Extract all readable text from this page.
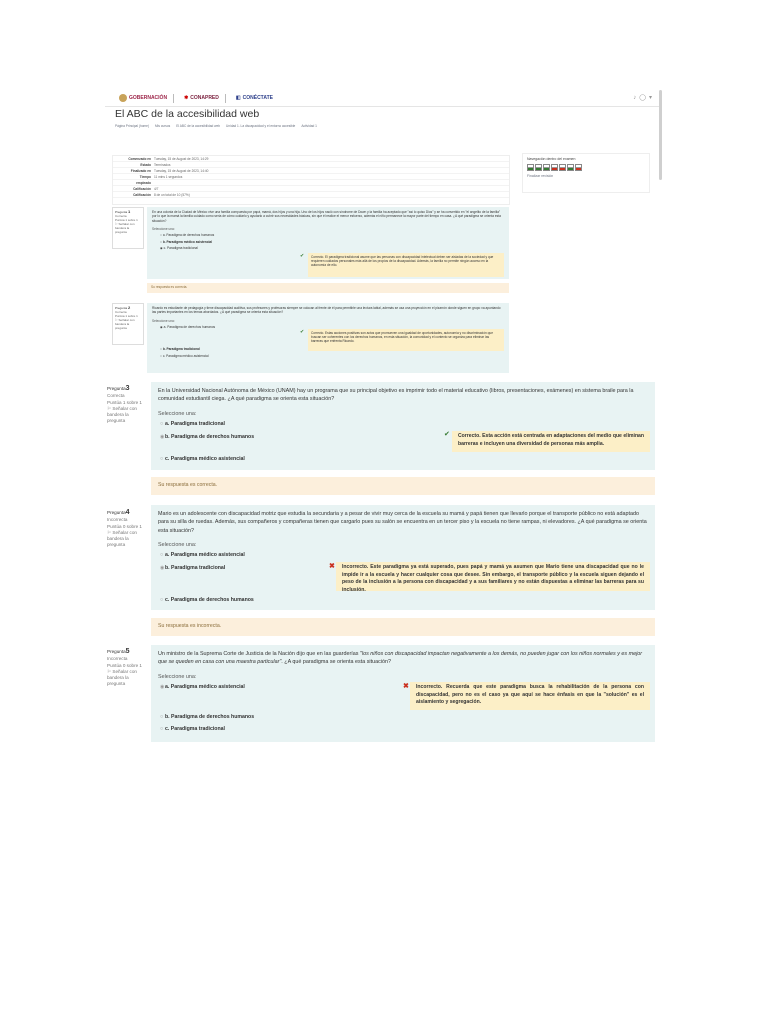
GOBERNACIÓN	✱ CONAPRED	◧ CONÉCTATE	♪◯▾
El ABC de la accesibilidad web
Página Principal (home) Mis cursos El ABC de la accesibilidad web Unidad 1. La discapacidad y el entorno accesible Actividad 1
Comenzado en Tuesday, 15 de August de 2023, 14:29
Estado Terminados
Finalizado en Tuesday, 15 de August de 2023, 14:40
Tiempo 11 mins 1 segundos
empleado
Calificación 4/7
Calificación 8 de un total de 10 (57%)
Navegación dentro del examen
Finalizar revisión
Pregunta 1
Correcta
Puntúa 1 sobre 1
⚐ Señalar con bandera la pregunta
En una colonia de la Ciudad de México vive una familia compuesta por papá, mamá, dos hijos y una hija. Uno de los hijos nació con síndrome de Down y la familia ha aceptado que "así lo quiso Dios" y se ha convertido en "el angelito de la familia" por lo que la mamá la familia cuidado como sería de cómo cuidarlo y ayudarlo a cubrir sus necesidades básicas, sin que él realice el menor esfuerzo, además el niño permanece la mayor parte del tiempo en casa. ¿A qué paradigma se orienta esta situación?
Seleccione una:
○ a. Paradigma de derechos humanos
○ b. Paradigma médico asistencial
◉ c. Paradigma tradicional
✔	Correcto. El paradigma tradicional asume que las personas con discapacidad intelectual deben ser aisladas de la sociedad y que requieren cuidados personales más allá de los propios de la discapacidad. Además, la familia no permite ningún acceso en la autonomía de ello.
Su respuesta es correcta.
Pregunta 2
Correcta
Puntúa 1 sobre 1
⚐ Señalar con bandera la pregunta
Ricardo es estudiante de pedagogía y tiene discapacidad auditiva, sus profesores y profesoras siempre se colocan al frente de él para permitirle una lectura labial, además se usa una proyección en el pizarrón donde siguen en grupo va apuntando las partes importantes en los temas abordados. ¿A qué paradigma se orienta esta situación?
Seleccione una:
◉ a. Paradigma de derechos humanos
○ b. Paradigma tradicional
○ c. Paradigma médico asistencial
✔	Correcto. Estas acciones positivas son actos que promueven una igualdad de oportunidades, autonomía y no discriminación que buscan ser coherentes con los derechos humanos, en esta situación, la comunidad y el contexto se organiza para eliminar las barreras que enfrenta Ricardo.
Pregunta3
Correcta
Puntúa 1 sobre 1
⚐ Señalar con bandera la pregunta
En la Universidad Nacional Autónoma de México (UNAM) hay un programa que su principal objetivo es imprimir todo el material educativo (libros, presentaciones, exámenes) en sistema braile para la comunidad estudiantil ciega. ¿A qué paradigma se orienta esta situación?
Seleccione una:
○ a. Paradigma tradicional
◉b. Paradigma de derechos humanos
○ c. Paradigma médico asistencial
✔	Correcto. Esta acción está centrada en adaptaciones del medio que eliminan barreras e incluyen una diversidad de personas más amplia.
Su respuesta es correcta.
Pregunta4
Incorrecta
Puntúa 0 sobre 1
⚐ Señalar con bandera la pregunta
Mario es un adolescente con discapacidad motriz que estudia la secundaria y a pesar de vivir muy cerca de la escuela su mamá y papá tienen que llevarlo porque el transporte público no está adaptado para su silla de ruedas. Además, sus compañeros y compañeras tienen que cargarlo pues su salón se encuentra en un tercer piso y la escuela no tiene rampas, ni elevadores. ¿A qué paradigma se orienta esta situación?
Seleccione una:
○ a. Paradigma médico asistencial
◉b. Paradigma tradicional
○ c. Paradigma de derechos humanos
✖	Incorrecto. Este paradigma ya está superado, pues papá y mamá ya asumen que Mario tiene una discapacidad que no le impide ir a la escuela y hacer cualquier cosa que desee. Sin embargo, el transporte público y la escuela siguen dejando el peso de la inclusión a la persona con discapacidad y a sus familiares y no están dispuestas a eliminar las barreras para su inclusión.
Su respuesta es incorrecta.
Pregunta5
Incorrecta
Puntúa 0 sobre 1
⚐ Señalar con bandera la pregunta
Un ministro de la Suprema Corte de Justicia de la Nación dijo que en las guarderías "los niños con discapacidad impactan negativamente a los demás, no pueden jugar con los niños normales y es mejor que se queden en casa con una maestra particular". ¿A qué paradigma se orienta esta situación?
Seleccione una:
◉a. Paradigma médico asistencial
○ b. Paradigma de derechos humanos
○ c. Paradigma tradicional
✖	Incorrecto. Recuerda que este paradigma busca la rehabilitación de la persona con discapacidad, pero no es el caso ya que aquí se hace énfasis en que la "solución" es el aislamiento y segregación.
